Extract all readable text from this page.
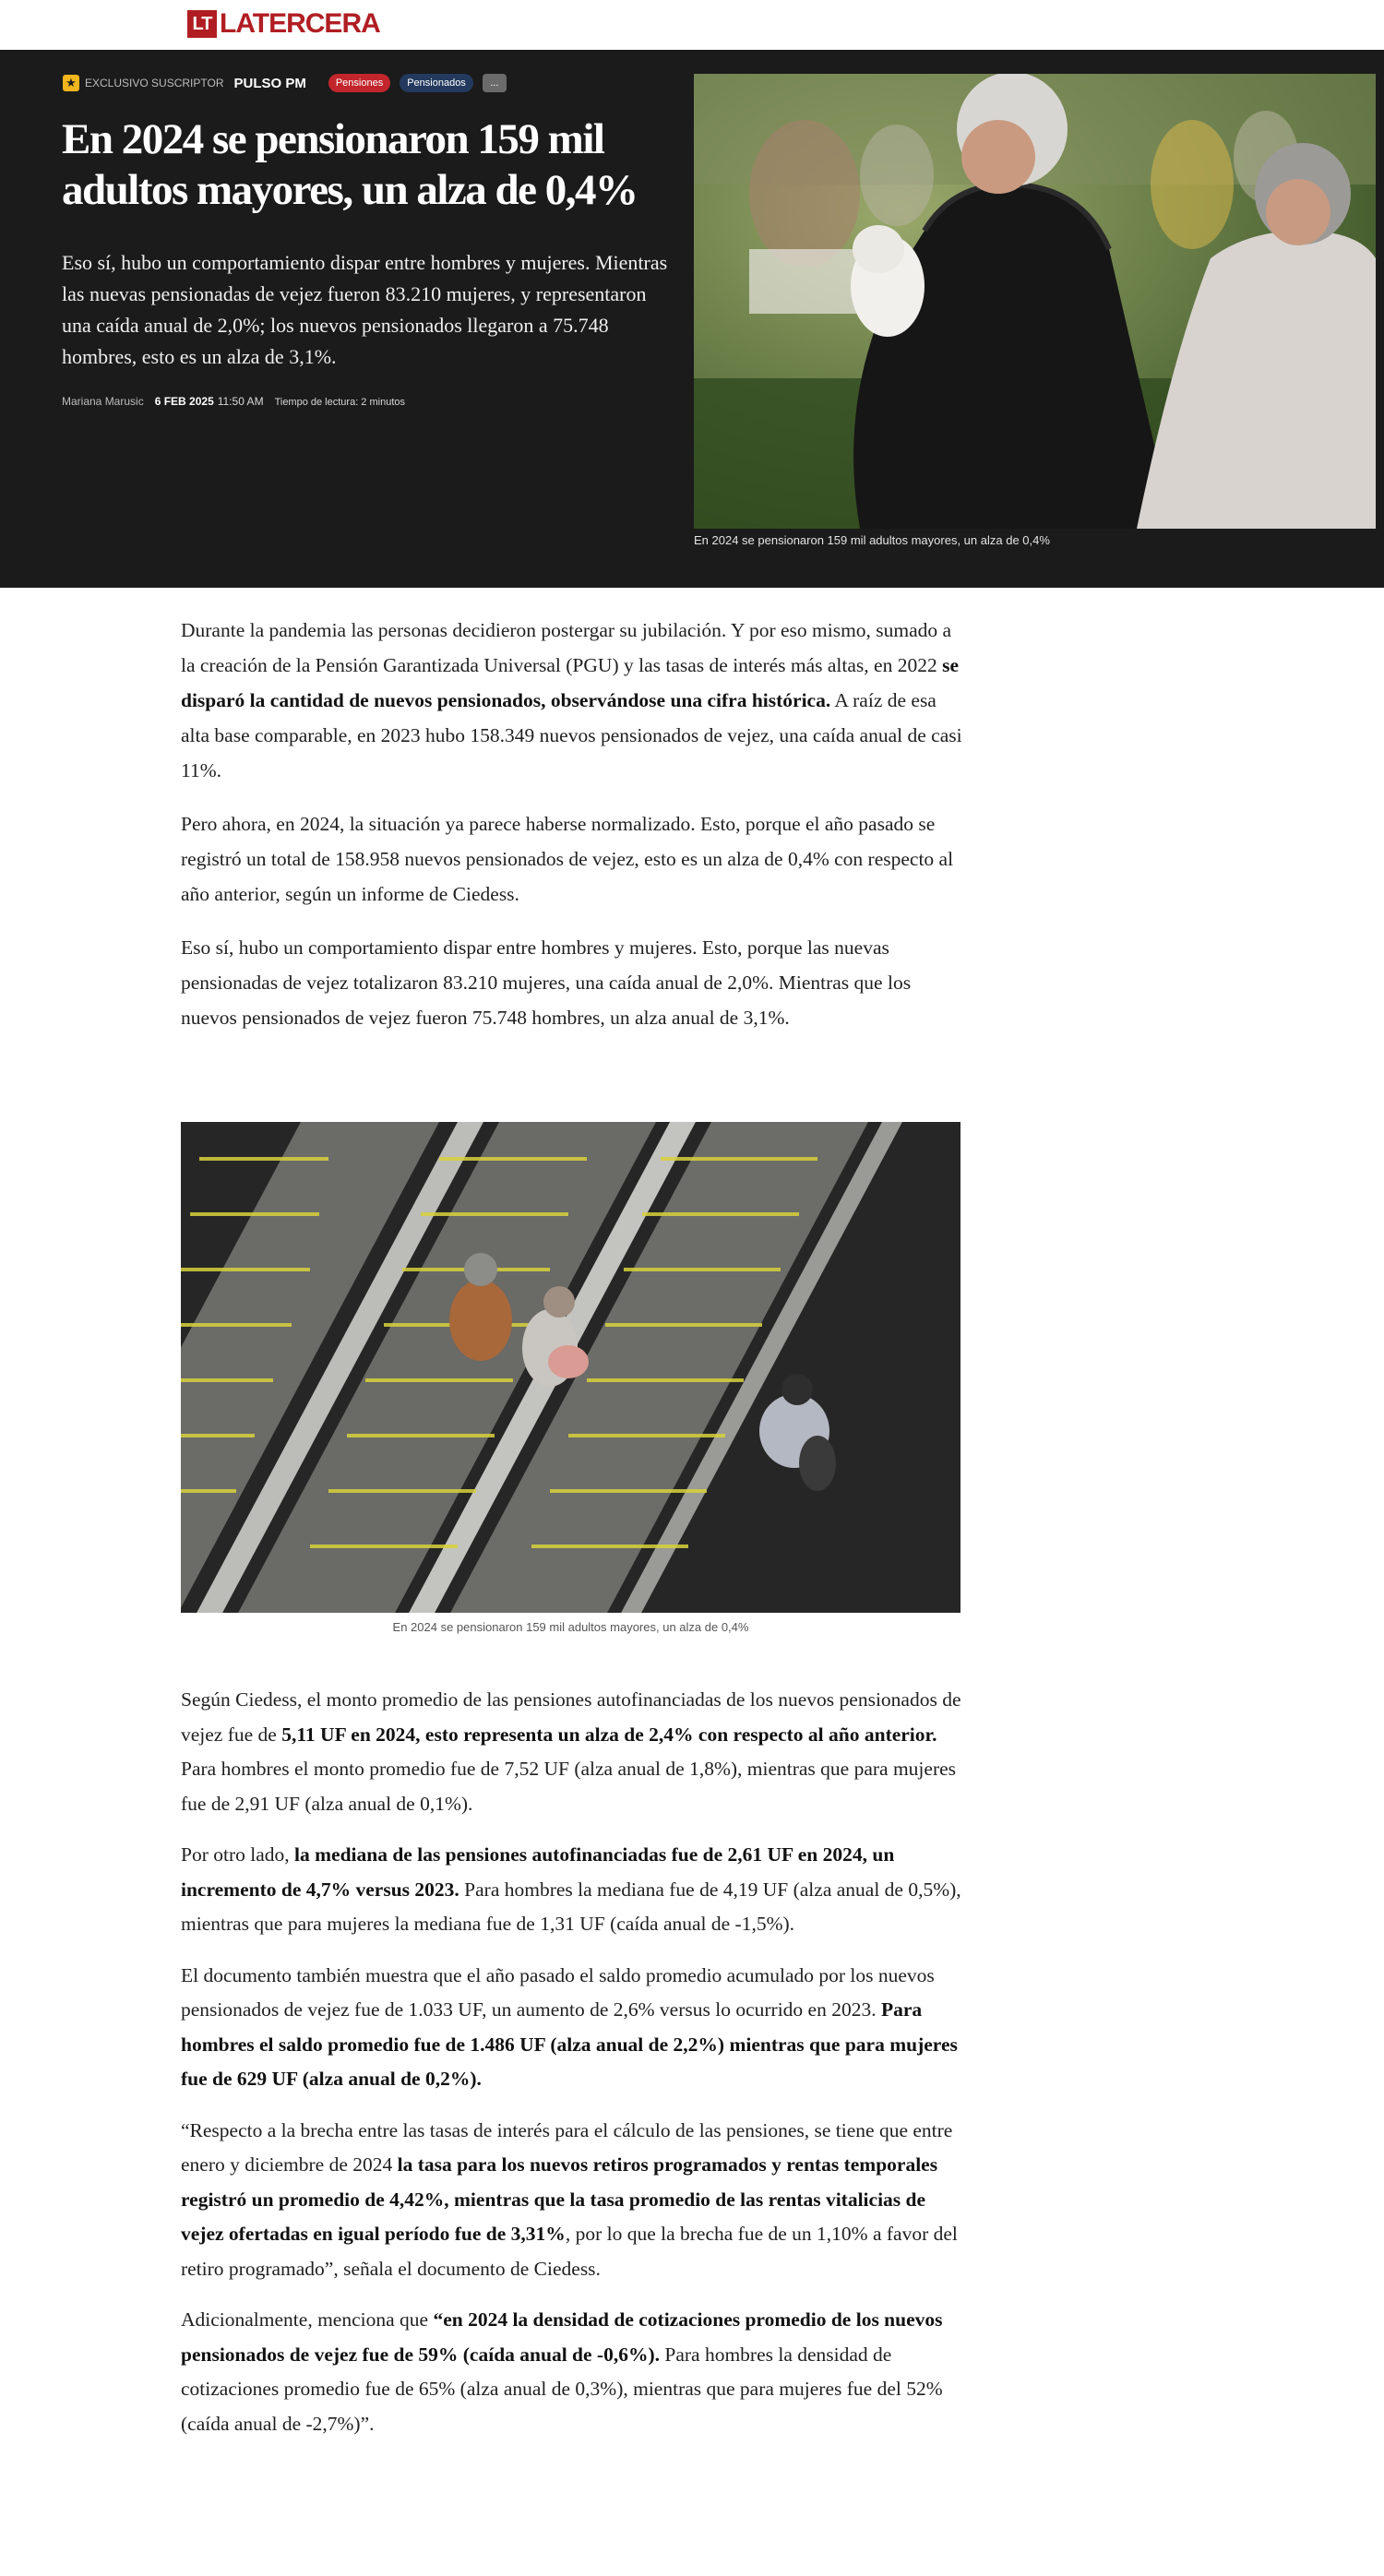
LT LATERCERA
★ EXCLUSIVO SUSCRIPTOR PULSO PM	Pensiones	Pensionados	...
En 2024 se pensionaron 159 mil adultos mayores, un alza de 0,4%

Eso sí, hubo un comportamiento dispar entre hombres y mujeres. Mientras las nuevas pensionadas de vejez fueron 83.210 mujeres, y representaron una caída anual de 2,0%; los nuevos pensionados llegaron a 75.748 hombres, esto es un alza de 3,1%.

Mariana Marusic 6 FEB 2025 11:50 AM Tiempo de lectura: 2 minutos
En 2024 se pensionaron 159 mil adultos mayores, un alza de 0,4%

Durante la pandemia las personas decidieron postergar su jubilación. Y por eso mismo, sumado a la creación de la Pensión Garantizada Universal (PGU) y las tasas de interés más altas, en 2022 se disparó la cantidad de nuevos pensionados, observándose una cifra histórica. A raíz de esa alta base comparable, en 2023 hubo 158.349 nuevos pensionados de vejez, una caída anual de casi 11%.

Pero ahora, en 2024, la situación ya parece haberse normalizado. Esto, porque el año pasado se registró un total de 158.958 nuevos pensionados de vejez, esto es un alza de 0,4% con respecto al año anterior, según un informe de Ciedess.

Eso sí, hubo un comportamiento dispar entre hombres y mujeres. Esto, porque las nuevas pensionadas de vejez totalizaron 83.210 mujeres, una caída anual de 2,0%. Mientras que los nuevos pensionados de vejez fueron 75.748 hombres, un alza anual de 3,1%.

En 2024 se pensionaron 159 mil adultos mayores, un alza de 0,4%

Según Ciedess, el monto promedio de las pensiones autofinanciadas de los nuevos pensionados de vejez fue de 5,11 UF en 2024, esto representa un alza de 2,4% con respecto al año anterior. Para hombres el monto promedio fue de 7,52 UF (alza anual de 1,8%), mientras que para mujeres fue de 2,91 UF (alza anual de 0,1%).

Por otro lado, la mediana de las pensiones autofinanciadas fue de 2,61 UF en 2024, un incremento de 4,7% versus 2023. Para hombres la mediana fue de 4,19 UF (alza anual de 0,5%), mientras que para mujeres la mediana fue de 1,31 UF (caída anual de -1,5%).

El documento también muestra que el año pasado el saldo promedio acumulado por los nuevos pensionados de vejez fue de 1.033 UF, un aumento de 2,6% versus lo ocurrido en 2023. Para hombres el saldo promedio fue de 1.486 UF (alza anual de 2,2%) mientras que para mujeres fue de 629 UF (alza anual de 0,2%).

“Respecto a la brecha entre las tasas de interés para el cálculo de las pensiones, se tiene que entre enero y diciembre de 2024 la tasa para los nuevos retiros programados y rentas temporales registró un promedio de 4,42%, mientras que la tasa promedio de las rentas vitalicias de vejez ofertadas en igual período fue de 3,31%, por lo que la brecha fue de un 1,10% a favor del retiro programado”, señala el documento de Ciedess.

Adicionalmente, menciona que “en 2024 la densidad de cotizaciones promedio de los nuevos pensionados de vejez fue de 59% (caída anual de -0,6%). Para hombres la densidad de cotizaciones promedio fue de 65% (alza anual de 0,3%), mientras que para mujeres fue del 52% (caída anual de -2,7%)”.
